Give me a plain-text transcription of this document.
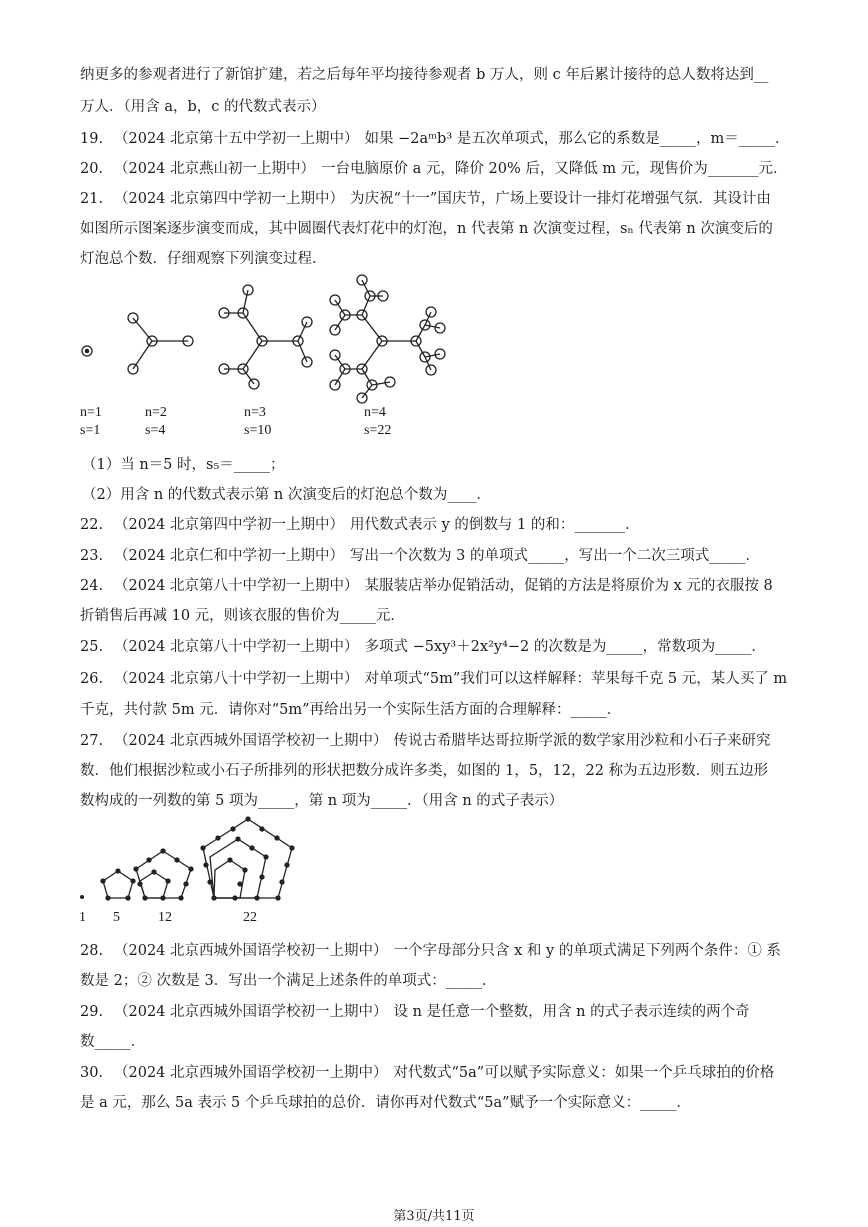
纳更多的参观者进行了新馆扩建，若之后每年平均接待参观者 b 万人，则 c 年后累计接待的总人数将达到__
万人．（用含 a，b，c 的代数式表示）
19. （2024 北京第十五中学初一上期中） 如果 −2aᵐb³ 是五次单项式，那么它的系数是_____，m＝_____．
20. （2024 北京燕山初一上期中） 一台电脑原价 a 元，降价 20% 后，又降低 m 元，现售价为_______元．
21. （2024 北京第四中学初一上期中） 为庆祝“十一”国庆节，广场上要设计一排灯花增强气氛．其设计由
如图所示图案逐步演变而成，其中圆圈代表灯花中的灯泡，n 代表第 n 次演变过程，sₙ 代表第 n 次演变后的
灯泡总个数．仔细观察下列演变过程．
n=1
s=1
n=2
s=4
n=3
s=10
n=4
s=22
（1）当 n＝5 时，s₅＝_____；
（2）用含 n 的代数式表示第 n 次演变后的灯泡总个数为____．
22. （2024 北京第四中学初一上期中） 用代数式表示 y 的倒数与 1 的和：_______．
23. （2024 北京仁和中学初一上期中） 写出一个次数为 3 的单项式_____，写出一个二次三项式_____．
24. （2024 北京第八十中学初一上期中） 某服装店举办促销活动，促销的方法是将原价为 x 元的衣服按 8
折销售后再减 10 元，则该衣服的售价为_____元．
25. （2024 北京第八十中学初一上期中） 多项式 −5xy³＋2x²y⁴−2 的次数是为_____，常数项为_____．
26. （2024 北京第八十中学初一上期中） 对单项式“5m”我们可以这样解释：苹果每千克 5 元，某人买了 m
千克，共付款 5m 元．请你对“5m”再给出另一个实际生活方面的合理解释：_____．
27. （2024 北京西城外国语学校初一上期中） 传说古希腊毕达哥拉斯学派的数学家用沙粒和小石子来研究
数．他们根据沙粒或小石子所排列的形状把数分成许多类，如图的 1，5，12，22 称为五边形数．则五边形
数构成的一列数的第 5 项为_____，第 n 项为_____．（用含 n 的式子表示）
1 5	12	22
28. （2024 北京西城外国语学校初一上期中） 一个字母部分只含 x 和 y 的单项式满足下列两个条件：① 系
数是 2；② 次数是 3．写出一个满足上述条件的单项式：_____．
29. （2024 北京西城外国语学校初一上期中） 设 n 是任意一个整数，用含 n 的式子表示连续的两个奇
数_____．
30. （2024 北京西城外国语学校初一上期中） 对代数式“5a”可以赋予实际意义：如果一个乒乓球拍的价格
是 a 元，那么 5a 表示 5 个乒乓球拍的总价．请你再对代数式“5a”赋予一个实际意义：_____．
第3页/共11页
